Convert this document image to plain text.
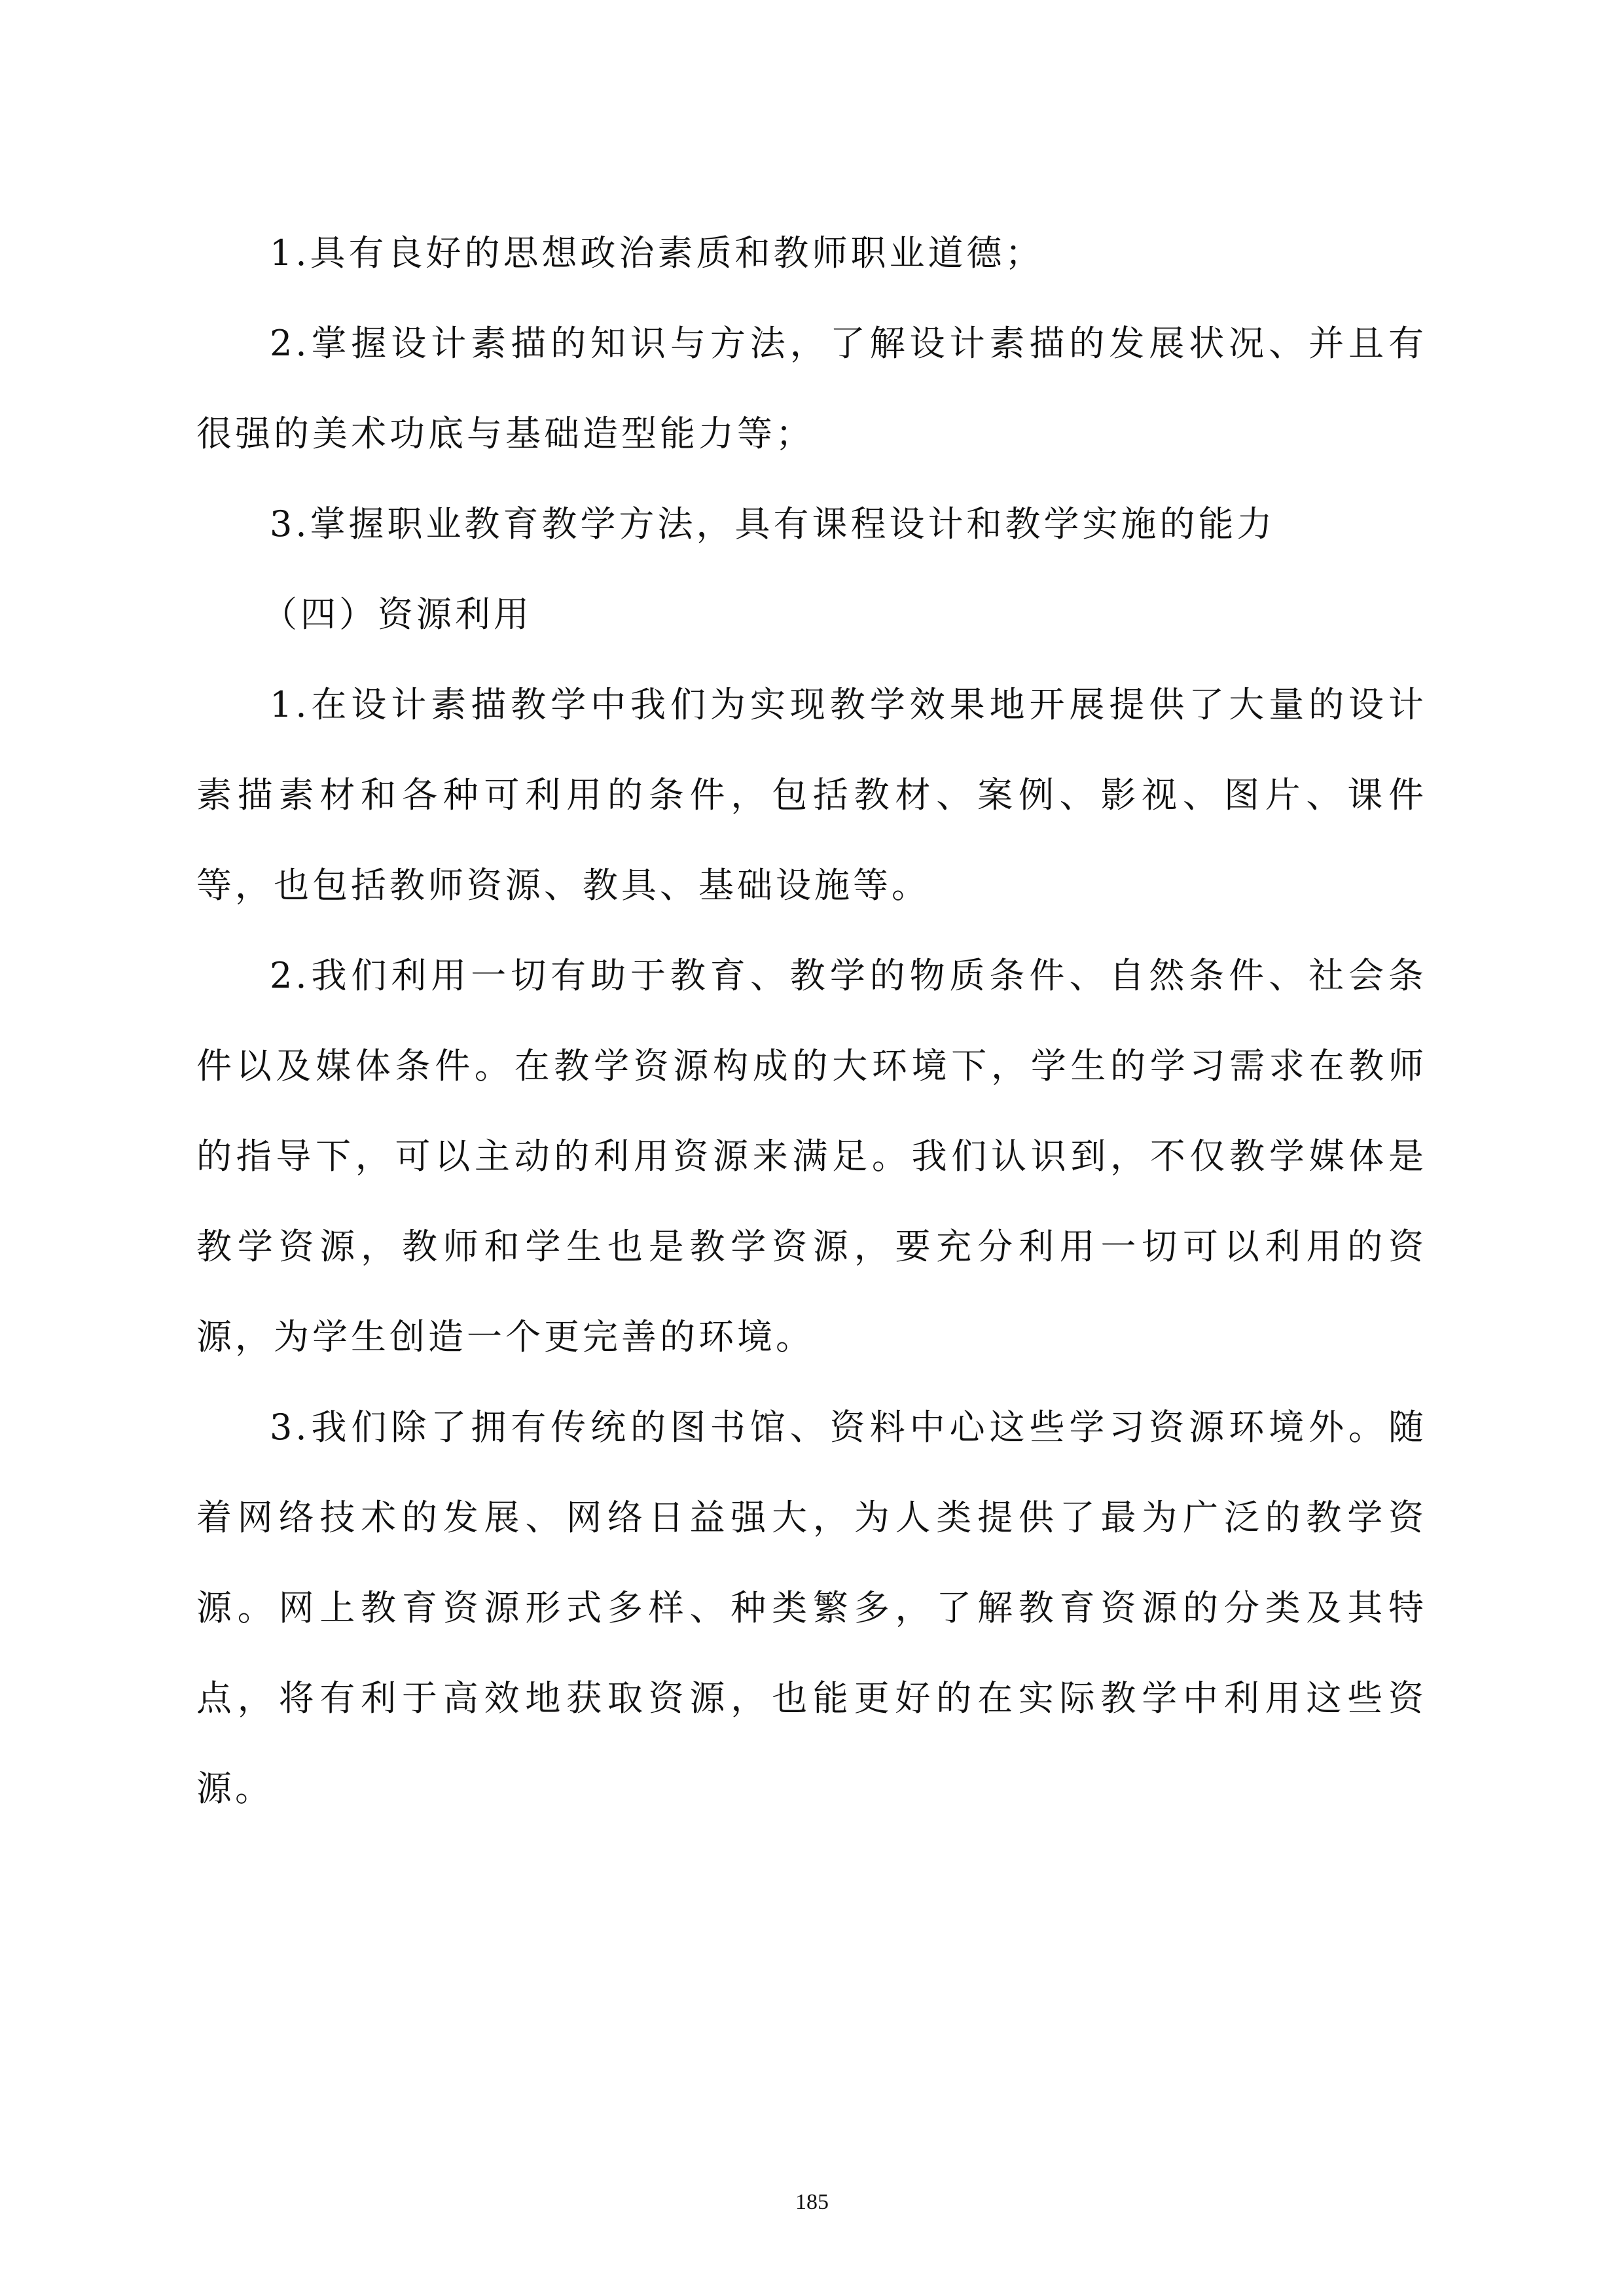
1.具有良好的思想政治素质和教师职业道德；

2.掌握设计素描的知识与方法，了解设计素描的发展状况、并且有很强的美术功底与基础造型能力等；

3.掌握职业教育教学方法，具有课程设计和教学实施的能力

（四）资源利用

1.在设计素描教学中我们为实现教学效果地开展提供了大量的设计素描素材和各种可利用的条件，包括教材、案例、影视、图片、课件等，也包括教师资源、教具、基础设施等。

2.我们利用一切有助于教育、教学的物质条件、自然条件、社会条件以及媒体条件。在教学资源构成的大环境下，学生的学习需求在教师的指导下，可以主动的利用资源来满足。我们认识到，不仅教学媒体是教学资源，教师和学生也是教学资源，要充分利用一切可以利用的资源，为学生创造一个更完善的环境。

3.我们除了拥有传统的图书馆、资料中心这些学习资源环境外。随着网络技术的发展、网络日益强大，为人类提供了最为广泛的教学资源。网上教育资源形式多样、种类繁多，了解教育资源的分类及其特点，将有利于高效地获取资源，也能更好的在实际教学中利用这些资源。

185
